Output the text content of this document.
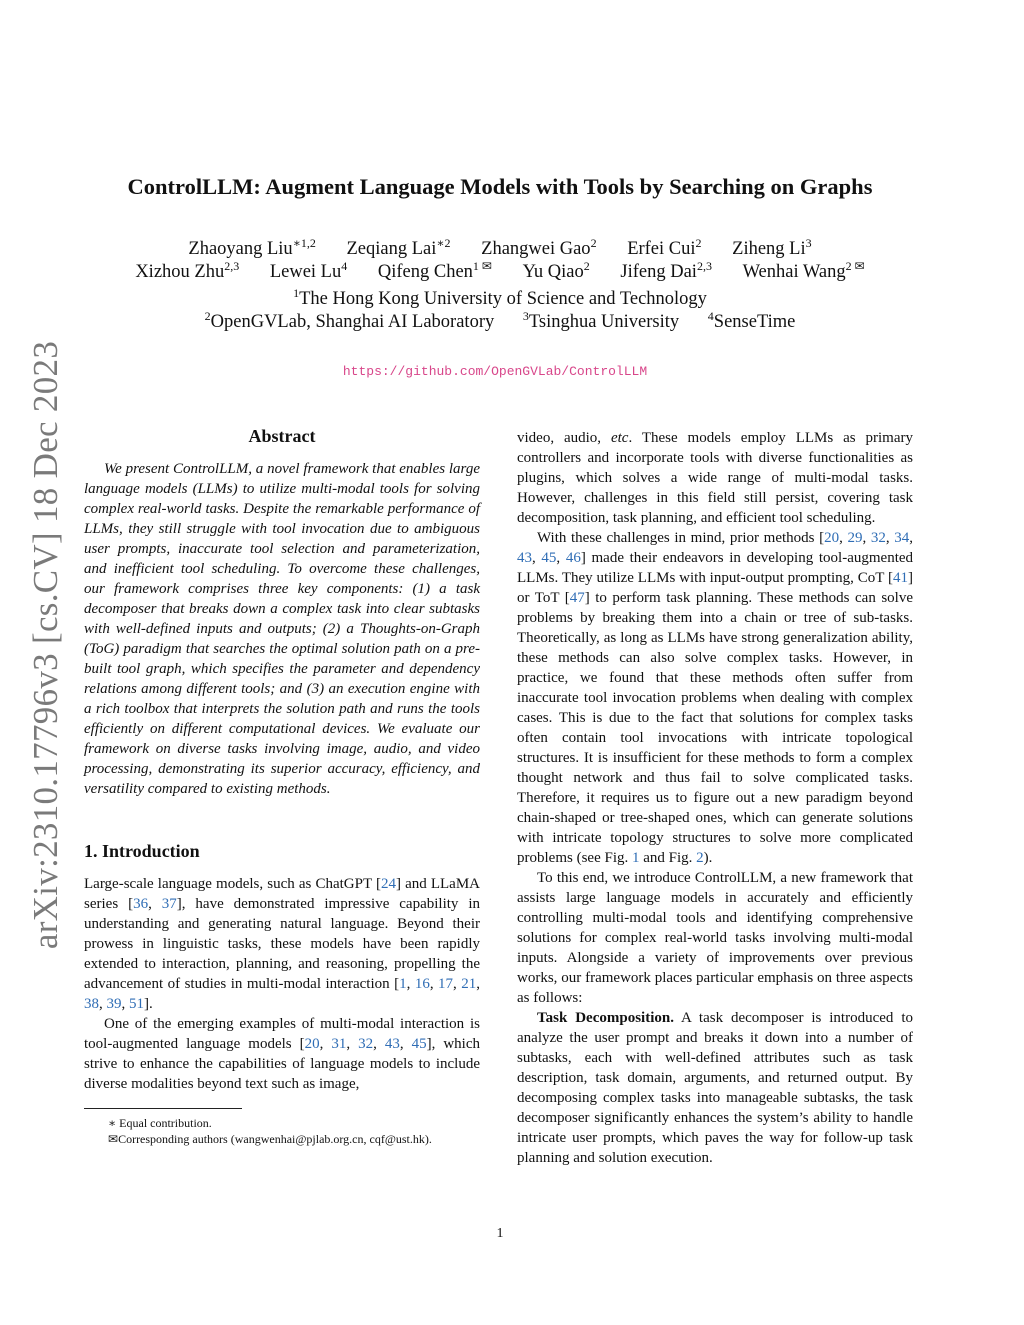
arXiv:2310.17796v3 [cs.CV] 18 Dec 2023
ControlLLM: Augment Language Models with Tools by Searching on Graphs
Zhaoyang Liu$^{∗1,2}$ Zeqiang Lai$^{∗2}$ Zhangwei Gao$^2$ Erfei Cui$^2$ Ziheng Li$^3$
Xizhou Zhu$^{2,3}$ Lewei Lu$^4$ Qifeng Chen$^{1 ✉}$ Yu Qiao$^2$ Jifeng Dai$^{2,3}$ Wenhai Wang$^{2 ✉}$
$^1$The Hong Kong University of Science and Technology
$^2$OpenGVLab, Shanghai AI Laboratory $^3$Tsinghua University $^4$SenseTime
https://github.com/OpenGVLab/ControlLLM
Abstract

We present ControlLLM, a novel framework that enables large language models (LLMs) to utilize multi-modal tools for solving complex real-world tasks. Despite the remarkable performance of LLMs, they still struggle with tool invocation due to ambiguous user prompts, inaccurate tool selection and parameterization, and inefficient tool scheduling. To overcome these challenges, our framework comprises three key components: (1) a task decomposer that breaks down a complex task into clear subtasks with well-defined inputs and outputs; (2) a Thoughts-on-Graph (ToG) paradigm that searches the optimal solution path on a pre-built tool graph, which specifies the parameter and dependency relations among different tools; and (3) an execution engine with a rich toolbox that interprets the solution path and runs the tools efficiently on different computational devices. We evaluate our framework on diverse tasks involving image, audio, and video processing, demonstrating its superior accuracy, efficiency, and versatility compared to existing methods.

1. Introduction

Large-scale language models, such as ChatGPT [24] and LLaMA series [36, 37], have demonstrated impressive capability in understanding and generating natural language. Beyond their prowess in linguistic tasks, these models have been rapidly extended to interaction, planning, and reasoning, propelling the advancement of studies in multi-modal interaction [1, 16, 17, 21, 38, 39, 51].

One of the emerging examples of multi-modal interaction is tool-augmented language models [20, 31, 32, 43, 45], which strive to enhance the capabilities of language models to include diverse modalities beyond text such as image,

∗ Equal contribution.
✉Corresponding authors (wangwenhai@pjlab.org.cn, cqf@ust.hk).

video, audio, etc. These models employ LLMs as primary controllers and incorporate tools with diverse functionalities as plugins, which solves a wide range of multi-modal tasks. However, challenges in this field still persist, covering task decomposition, task planning, and efficient tool scheduling.

With these challenges in mind, prior methods [20, 29, 32, 34, 43, 45, 46] made their endeavors in developing tool-augmented LLMs. They utilize LLMs with input-output prompting, CoT [41] or ToT [47] to perform task planning. These methods can solve problems by breaking them into a chain or tree of sub-tasks. Theoretically, as long as LLMs have strong generalization ability, these methods can also solve complex tasks. However, in practice, we found that these methods often suffer from inaccurate tool invocation problems when dealing with complex cases. This is due to the fact that solutions for complex tasks often contain tool invocations with intricate topological structures. It is insufficient for these methods to form a complex thought network and thus fail to solve complicated tasks. Therefore, it requires us to figure out a new paradigm beyond chain-shaped or tree-shaped ones, which can generate solutions with intricate topology structures to solve more complicated problems (see Fig. 1 and Fig. 2).

To this end, we introduce ControlLLM, a new framework that assists large language models in accurately and efficiently controlling multi-modal tools and identifying comprehensive solutions for complex real-world tasks involving multi-modal inputs. Alongside a variety of improvements over previous works, our framework places particular emphasis on three aspects as follows:

Task Decomposition. A task decomposer is introduced to analyze the user prompt and breaks it down into a number of subtasks, each with well-defined attributes such as task description, task domain, arguments, and returned output. By decomposing complex tasks into manageable subtasks, the task decomposer significantly enhances the system’s ability to handle intricate user prompts, which paves the way for follow-up task planning and solution execution.

1
